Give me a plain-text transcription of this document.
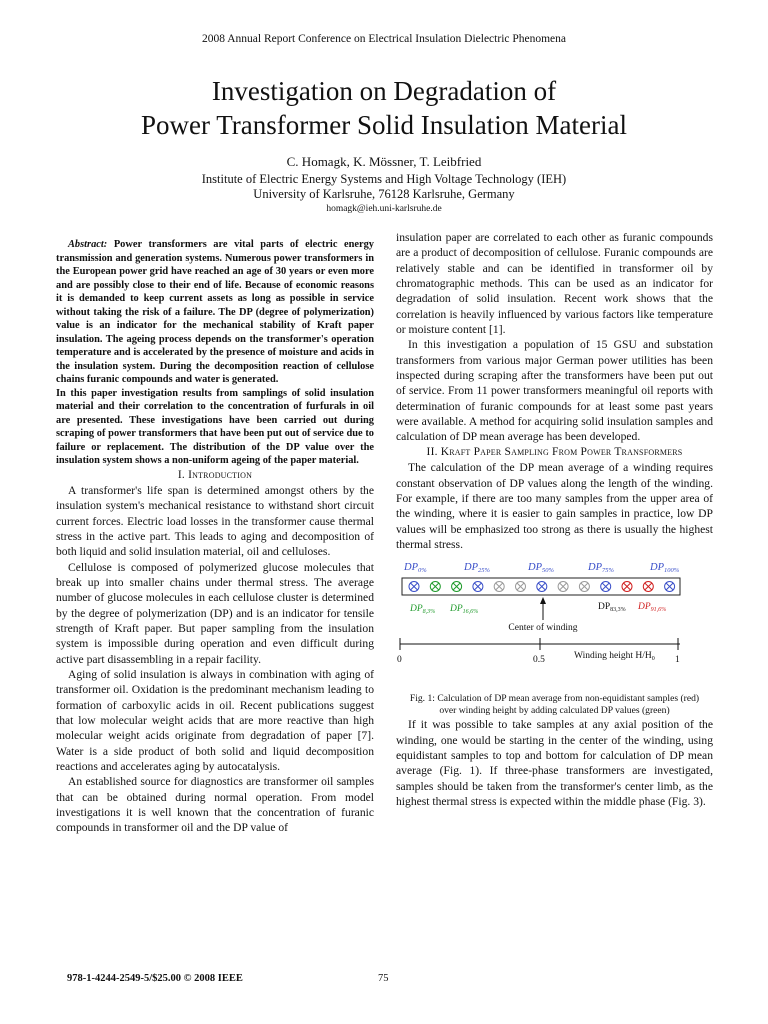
2008 Annual Report Conference on Electrical Insulation Dielectric Phenomena
Investigation on Degradation of
Power Transformer Solid Insulation Material
C. Homagk, K. Mössner, T. Leibfried
Institute of Electric Energy Systems and High Voltage Technology (IEH)
University of Karlsruhe, 76128 Karlsruhe, Germany
homagk@ieh.uni-karlsruhe.de

Abstract: Power transformers are vital parts of electric energy transmission and generation systems. Numerous power transformers in the European power grid have reached an age of 30 years or even more and are possibly close to their end of life. Because of economic reasons it is demanded to keep current assets as long as possible in service without taking the risk of a failure. The DP (degree of polymerization) value is an indicator for the mechanical stability of Kraft paper insulation. The ageing process depends on the transformer's operation temperature and is accelerated by the presence of moisture and acids in the insulation system. During the decomposition reaction of cellulose chains furanic compounds and water is generated.

In this paper investigation results from samplings of solid insulation material and their correlation to the concentration of furfurals in oil are presented. These investigations have been carried out during scraping of power transformers that have been put out of service due to failure or replacement. The distribution of the DP value over the insulation system shows a non-uniform ageing of the paper material.

I. Introduction

A transformer's life span is determined amongst others by the insulation system's mechanical resistance to withstand short circuit current forces. Electric load losses in the transformer cause thermal stress in the active part. This leads to aging and decomposition of both liquid and solid insulation material, oil and celluloses.

Cellulose is composed of polymerized glucose molecules that break up into smaller chains under thermal stress. The average number of glucose molecules in each cellulose cluster is determined by the degree of polymerization (DP) and is an indicator for tensile strength of Kraft paper. But paper sampling from the insulation system is impossible during operation and even difficult during active part disassembling in a repair facility.

Aging of solid insulation is always in combination with aging of transformer oil. Oxidation is the predominant mechanism leading to formation of carboxylic acids in oil. Recent publications suggest that low molecular weight acids that are more reactive than high molecular weight acids originate from degradation of paper [7]. Water is a side product of both solid and liquid decomposition reactions and accelerates aging by autocatalysis.

An established source for diagnostics are transformer oil samples that can be obtained during normal operation. From model investigations it is well known that the concentration of furanic compounds in transformer oil and the DP value of

insulation paper are correlated to each other as furanic compounds are a product of decomposition of cellulose. Furanic compounds are relatively stable and can be identified in transformer oil by chromatographic methods. This can be used as an indicator for degradation of solid insulation. Recent work shows that the correlation is heavily influenced by various factors like temperature or moisture content [1].

In this investigation a population of 15 GSU and substation transformers from various major German power utilities has been inspected during scraping after the transformers have been put out of service. From 11 power transformers meaningful oil reports with determination of furanic compounds for at least some past years were available. A method for acquiring solid insulation samples and calculation of DP mean average has been developed.

II. Kraft Paper Sampling From Power Transformers

The calculation of the DP mean average of a winding requires constant observation of DP values along the length of the winding. For example, if there are too many samples from the upper area of the winding, where it is easier to gain samples in practice, low DP values will be emphasized too strong as there is usually the highest thermal stress.

DP0%	DP25%	DP50%	DP75%	DP100%
$DP_{8,3\%}$ $DP_{16,6\%}$	$DP_{83,3\%}$ $DP_{91,6\%}$
Center of winding
0	0.5	Winding height $H/H_0$ 1

Fig. 1: Calculation of DP mean average from non-equidistant samples (red)
over winding height by adding calculated DP values (green)

If it was possible to take samples at any axial position of the winding, one would be starting in the center of the winding, using equidistant samples to top and bottom for calculation of DP mean average (Fig. 1). If three-phase transformers are investigated, samples should be taken from the transformer's center limb, as the highest thermal stress is expected within the middle phase (Fig. 3).

978-1-4244-2549-5/$25.00 © 2008 IEEE	75
